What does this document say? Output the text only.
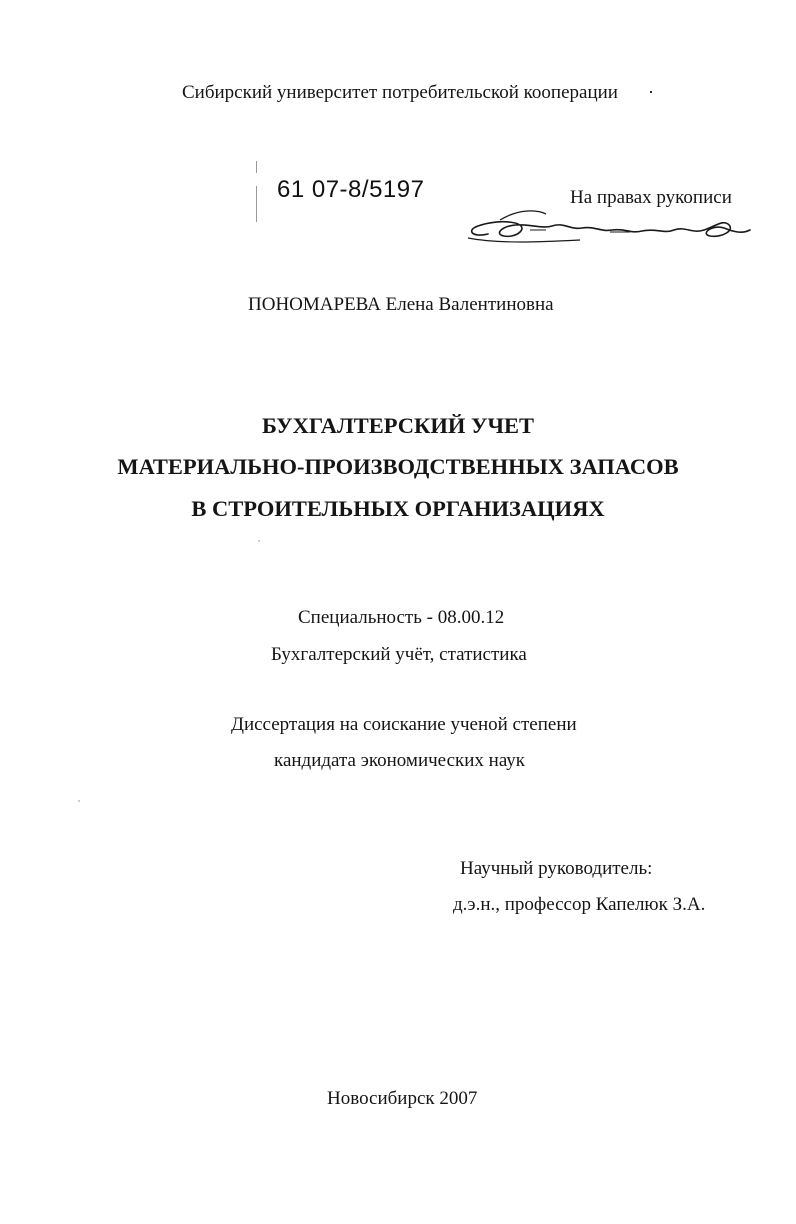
Сибирский университет потребительской кооперации
61 07-8/5197	На правах рукописи
ПОНОМАРЕВА Елена Валентиновна
БУХГАЛТЕРСКИЙ УЧЕТ
МАТЕРИАЛЬНО-ПРОИЗВОДСТВЕННЫХ ЗАПАСОВ
В СТРОИТЕЛЬНЫХ ОРГАНИЗАЦИЯХ
Специальность - 08.00.12
Бухгалтерский учёт, статистика
Диссертация на соискание ученой степени
кандидата экономических наук
Научный руководитель:
д.э.н., профессор Капелюк З.А.
Новосибирск 2007
